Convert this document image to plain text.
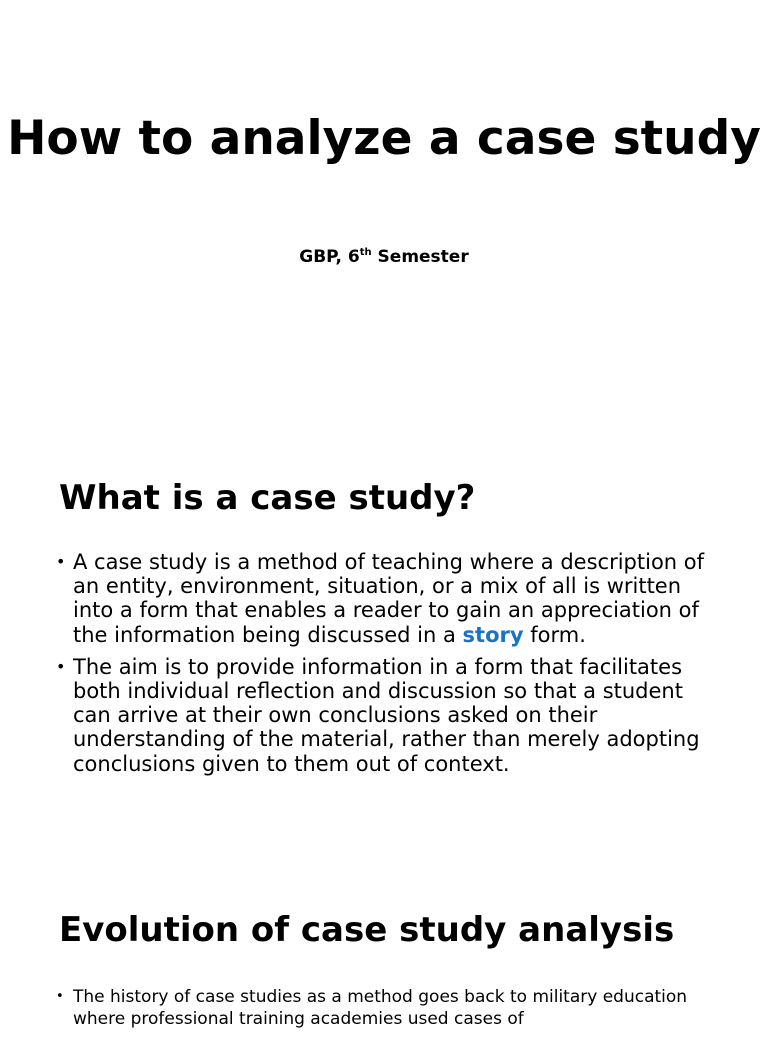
How to analyze a case study

GBP, 6th Semester

What is a case study?
• A case study is a method of teaching where a description of an entity, environment, situation, or a mix of all is written into a form that enables a reader to gain an appreciation of the information being discussed in a story form.
• The aim is to provide information in a form that facilitates both individual reflection and discussion so that a student can arrive at their own conclusions asked on their understanding of the material, rather than merely adopting conclusions given to them out of context.
Evolution of case study analysis
• The history of case studies as a method goes back to military education where professional training academies used cases of
